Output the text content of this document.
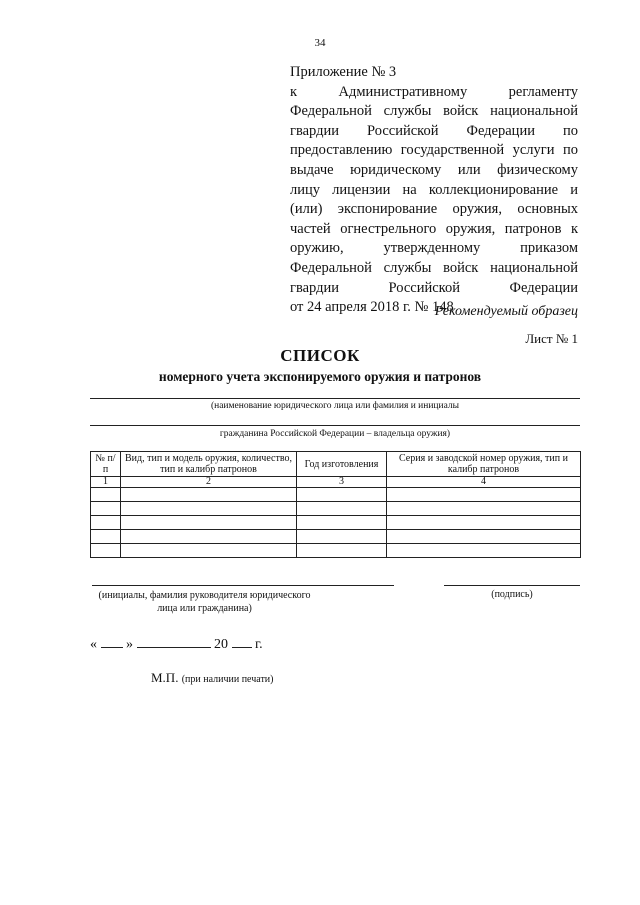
34
Приложение № 3
к Административному регламенту
Федеральной службы войск национальной
гвардии Российской Федерации по
предоставлению государственной услуги по
выдаче юридическому или физическому
лицу лицензии на коллекционирование и
(или) экспонирование оружия, основных
частей огнестрельного оружия, патронов к
оружию, утвержденному приказом
Федеральной службы войск национальной
гвардии Российской Федерации
от 24 апреля 2018 г. № 148
Рекомендуемый образец
Лист № 1
СПИСОК
номерного учета экспонируемого оружия и патронов
(наименование юридического лица или фамилия и инициалы
гражданина Российской Федерации – владельца оружия)
№ п/п	Вид, тип и модель оружия, количество, тип и калибр патронов	Год изготовления	Серия и заводской номер оружия, тип и калибр патронов
1	2	3	4

(инициалы, фамилия руководителя юридического лица или гражданина)
(подпись)
« »	20 г.
М.П. (при наличии печати)
